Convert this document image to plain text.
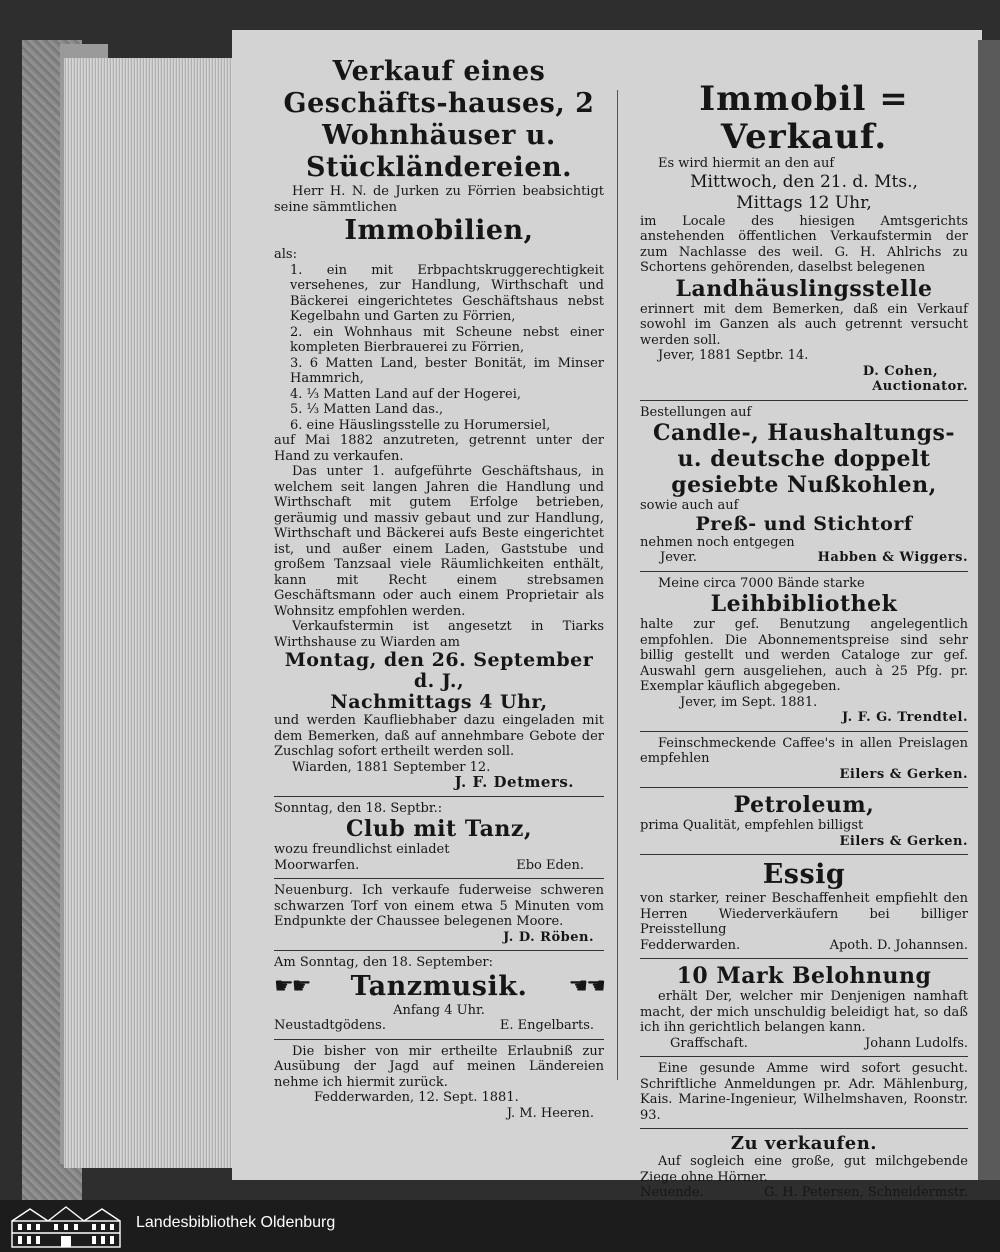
Verkauf eines Geschäfts-hauses, 2 Wohnhäuser u. Stückländereien.
Herr H. N. de Jurken zu Förrien beabsichtigt seine sämmtlichen
Immobilien,
als:
1. ein mit Erbpachtskruggerechtigkeit versehenes, zur Handlung, Wirthschaft und Bäckerei eingerichtetes Geschäftshaus nebst Kegelbahn und Garten zu Förrien,
2. ein Wohnhaus mit Scheune nebst einer kompleten Bierbrauerei zu Förrien,
3. 6 Matten Land, bester Bonität, im Minser Hammrich,
4. ⅓ Matten Land auf der Hogerei,
5. ⅓ Matten Land das.,
6. eine Häuslingsstelle zu Horumersiel,
auf Mai 1882 anzutreten, getrennt unter der Hand zu verkaufen.
Das unter 1. aufgeführte Geschäftshaus, in welchem seit langen Jahren die Handlung und Wirthschaft mit gutem Erfolge betrieben, geräumig und massiv gebaut und zur Handlung, Wirthschaft und Bäckerei aufs Beste eingerichtet ist, und außer einem Laden, Gaststube und großem Tanzsaal viele Räumlichkeiten enthält, kann mit Recht einem strebsamen Geschäftsmann oder auch einem Proprietair als Wohnsitz empfohlen werden.
Verkaufstermin ist angesetzt in Tiarks Wirthshause zu Wiarden am
Montag, den 26. September d. J.,
Nachmittags 4 Uhr,
und werden Kaufliebhaber dazu eingeladen mit dem Bemerken, daß auf annehmbare Gebote der Zuschlag sofort ertheilt werden soll.
Wiarden, 1881 September 12.
J. F. Detmers.
Sonntag, den 18. Septbr.:
Club mit Tanz,
wozu freundlichst einladet
Moorwarfen.	Ebo Eden.
Neuenburg. Ich verkaufe fuderweise schweren schwarzen Torf von einem etwa 5 Minuten vom Endpunkte der Chaussee belegenen Moore.
J. D. Röben.
Am Sonntag, den 18. September:
☛☛ Tanzmusik. ☚☚
Anfang 4 Uhr.
Neustadtgödens.	E. Engelbarts.
Die bisher von mir ertheilte Erlaubniß zur Ausübung der Jagd auf meinen Ländereien nehme ich hiermit zurück.
Fedderwarden, 12. Sept. 1881.
J. M. Heeren.
Immobil = Verkauf.
Es wird hiermit an den auf
Mittwoch, den 21. d. Mts.,
Mittags 12 Uhr,
im Locale des hiesigen Amtsgerichts anstehenden öffentlichen Verkaufstermin der zum Nachlasse des weil. G. H. Ahlrichs zu Schortens gehörenden, daselbst belegenen
Landhäuslingsstelle
erinnert mit dem Bemerken, daß ein Verkauf sowohl im Ganzen als auch getrennt versucht werden soll.
Jever, 1881 Septbr. 14.
D. Cohen,
Auctionator.
Bestellungen auf
Candle-, Haushaltungs- u. deutsche doppelt gesiebte Nußkohlen,
sowie auch auf
Preß- und Stichtorf
nehmen noch entgegen
Jever.	Habben & Wiggers.
Meine circa 7000 Bände starke
Leihbibliothek
halte zur gef. Benutzung angelegentlich empfohlen. Die Abonnementspreise sind sehr billig gestellt und werden Cataloge zur gef. Auswahl gern ausgeliehen, auch à 25 Pfg. pr. Exemplar käuflich abgegeben.
Jever, im Sept. 1881.
J. F. G. Trendtel.
Feinschmeckende Caffee's in allen Preislagen empfehlen
Eilers & Gerken.
Petroleum,
prima Qualität, empfehlen billigst
Eilers & Gerken.
Essig
von starker, reiner Beschaffenheit empfiehlt den Herren Wiederverkäufern bei billiger Preisstellung
Fedderwarden.	Apoth. D. Johannsen.
10 Mark Belohnung
erhält Der, welcher mir Denjenigen namhaft macht, der mich unschuldig beleidigt hat, so daß ich ihn gerichtlich belangen kann.
Graffschaft.	Johann Ludolfs.
Eine gesunde Amme wird sofort gesucht. Schriftliche Anmeldungen pr. Adr. Mählenburg, Kais. Marine-Ingenieur, Wilhelmshaven, Roonstr. 93.
Zu verkaufen.
Auf sogleich eine große, gut milchgebende Ziege ohne Hörner.
Neuende.	G. H. Petersen, Schneidermstr.
Landesbibliothek Oldenburg
